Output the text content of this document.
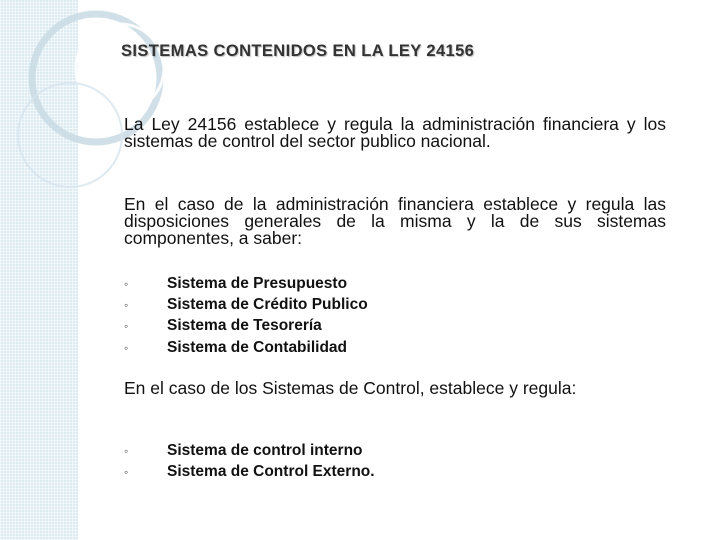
SISTEMAS CONTENIDOS EN LA LEY 24156

La Ley 24156 establece y regula la administración financiera y los sistemas de control del sector publico nacional.

En el caso de la administración financiera establece y regula las disposiciones generales de la misma y la de sus sistemas componentes, a saber:

◦	Sistema de Presupuesto
◦	Sistema de Crédito Publico
◦	Sistema de Tesorería
◦	Sistema de Contabilidad

En el caso de los Sistemas de Control, establece y regula:

◦	Sistema de control interno
◦	Sistema de Control Externo.
